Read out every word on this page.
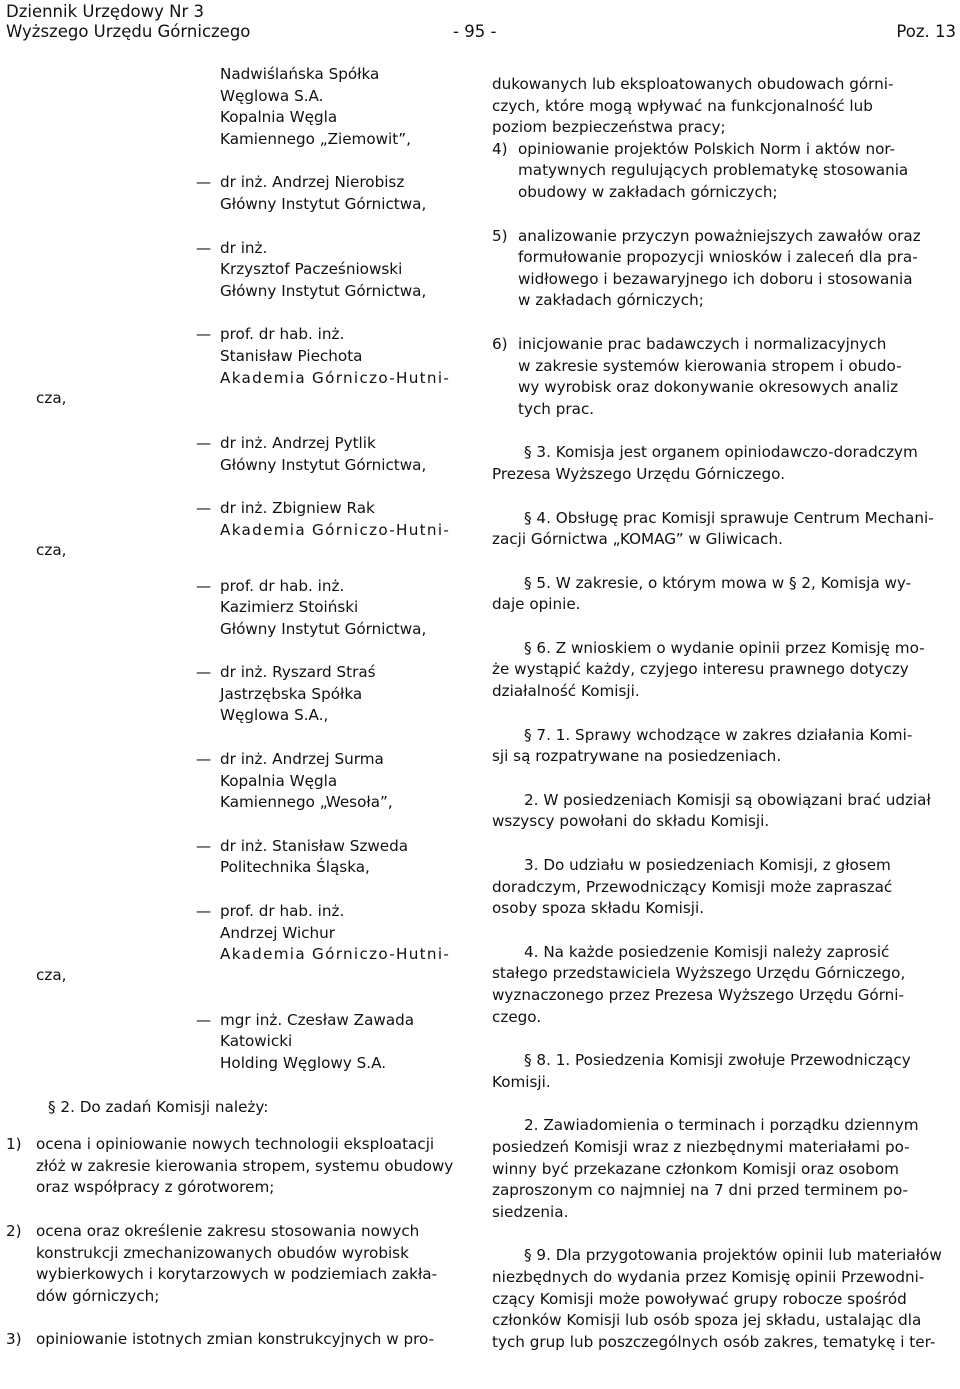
Dziennik Urzędowy Nr 3
Wyższego Urzędu Górniczego	- 95 -	Poz. 13
Nadwiślańska Spółka
Węglowa S.A.
Kopalnia Węgla
Kamiennego „Ziemowit”,
— dr inż. Andrzej Nierobisz
Główny Instytut Górnictwa,
— dr inż.
Krzysztof Pacześniowski
Główny Instytut Górnictwa,
— prof. dr hab. inż.
Stanisław Piechota
Akademia Górniczo-Hutni-
cza,
— dr inż. Andrzej Pytlik
Główny Instytut Górnictwa,
— dr inż. Zbigniew Rak
Akademia Górniczo-Hutni-
cza,
— prof. dr hab. inż.
Kazimierz Stoiński
Główny Instytut Górnictwa,
— dr inż. Ryszard Straś
Jastrzębska Spółka
Węglowa S.A.,
— dr inż. Andrzej Surma
Kopalnia Węgla
Kamiennego „Wesoła”,
— dr inż. Stanisław Szweda
Politechnika Śląska,
— prof. dr hab. inż.
Andrzej Wichur
Akademia Górniczo-Hutni-
cza,
— mgr inż. Czesław Zawada
Katowicki
Holding Węglowy S.A.
§ 2. Do zadań Komisji należy:
1) ocena i opiniowanie nowych technologii eksploatacji
złóż w zakresie kierowania stropem, systemu obudowy
oraz współpracy z górotworem;
2) ocena oraz określenie zakresu stosowania nowych
konstrukcji zmechanizowanych obudów wyrobisk
wybierkowych i korytarzowych w podziemiach zakła-
dów górniczych;
3) opiniowanie istotnych zmian konstrukcyjnych w pro-
dukowanych lub eksploatowanych obudowach górni-
czych, które mogą wpływać na funkcjonalność lub
poziom bezpieczeństwa pracy;
4) opiniowanie projektów Polskich Norm i aktów nor-
matywnych regulujących problematykę stosowania
obudowy w zakładach górniczych;
5) analizowanie przyczyn poważniejszych zawałów oraz
formułowanie propozycji wniosków i zaleceń dla pra-
widłowego i bezawaryjnego ich doboru i stosowania
w zakładach górniczych;
6) inicjowanie prac badawczych i normalizacyjnych
w zakresie systemów kierowania stropem i obudo-
wy wyrobisk oraz dokonywanie okresowych analiz
tych prac.
§ 3. Komisja jest organem opiniodawczo-doradczym
Prezesa Wyższego Urzędu Górniczego.
§ 4. Obsługę prac Komisji sprawuje Centrum Mechani-
zacji Górnictwa „KOMAG” w Gliwicach.
§ 5. W zakresie, o którym mowa w § 2, Komisja wy-
daje opinie.
§ 6. Z wnioskiem o wydanie opinii przez Komisję mo-
że wystąpić każdy, czyjego interesu prawnego dotyczy
działalność Komisji.
§ 7. 1. Sprawy wchodzące w zakres działania Komi-
sji są rozpatrywane na posiedzeniach.
2. W posiedzeniach Komisji są obowiązani brać udział
wszyscy powołani do składu Komisji.
3. Do udziału w posiedzeniach Komisji, z głosem
doradczym, Przewodniczący Komisji może zapraszać
osoby spoza składu Komisji.
4. Na każde posiedzenie Komisji należy zaprosić
stałego przedstawiciela Wyższego Urzędu Górniczego,
wyznaczonego przez Prezesa Wyższego Urzędu Górni-
czego.
§ 8. 1. Posiedzenia Komisji zwołuje Przewodniczący
Komisji.
2. Zawiadomienia o terminach i porządku dziennym
posiedzeń Komisji wraz z niezbędnymi materiałami po-
winny być przekazane członkom Komisji oraz osobom
zaproszonym co najmniej na 7 dni przed terminem po-
siedzenia.
§ 9. Dla przygotowania projektów opinii lub materiałów
niezbędnych do wydania przez Komisję opinii Przewodni-
czący Komisji może powoływać grupy robocze spośród
członków Komisji lub osób spoza jej składu, ustalając dla
tych grup lub poszczególnych osób zakres, tematykę i ter-
